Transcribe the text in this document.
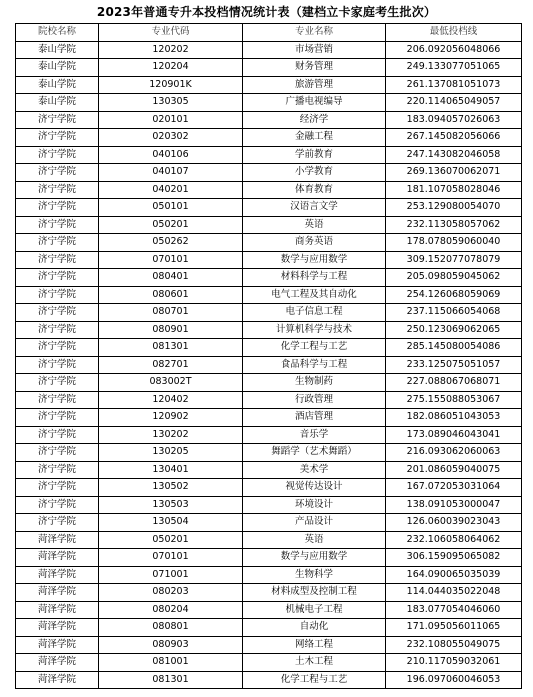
2023年普通专升本投档情况统计表（建档立卡家庭考生批次）
院校名称	专业代码	专业名称	最低投档线
泰山学院	120202	市场营销	206.092056048066
泰山学院	120204	财务管理	249.133077051065
泰山学院	120901K	旅游管理	261.137081051073
泰山学院	130305	广播电视编导	220.114065049057
济宁学院	020101	经济学	183.094057026063
济宁学院	020302	金融工程	267.145082056066
济宁学院	040106	学前教育	247.143082046058
济宁学院	040107	小学教育	269.136070062071
济宁学院	040201	体育教育	181.107058028046
济宁学院	050101	汉语言文学	253.129080054070
济宁学院	050201	英语	232.113058057062
济宁学院	050262	商务英语	178.078059060040
济宁学院	070101	数学与应用数学	309.152077078079
济宁学院	080401	材料科学与工程	205.098059045062
济宁学院	080601	电气工程及其自动化	254.126068059069
济宁学院	080701	电子信息工程	237.115066054068
济宁学院	080901	计算机科学与技术	250.123069062065
济宁学院	081301	化学工程与工艺	285.145080054086
济宁学院	082701	食品科学与工程	233.125075051057
济宁学院	083002T	生物制药	227.088067068071
济宁学院	120402	行政管理	275.155088053067
济宁学院	120902	酒店管理	182.086051043053
济宁学院	130202	音乐学	173.089046043041
济宁学院	130205	舞蹈学（艺术舞蹈）	216.093062060063
济宁学院	130401	美术学	201.086059040075
济宁学院	130502	视觉传达设计	167.072053031064
济宁学院	130503	环境设计	138.091053000047
济宁学院	130504	产品设计	126.060039023043
菏泽学院	050201	英语	232.106058064062
菏泽学院	070101	数学与应用数学	306.159095065082
菏泽学院	071001	生物科学	164.090065035039
菏泽学院	080203	材料成型及控制工程	114.044035022048
菏泽学院	080204	机械电子工程	183.077054046060
菏泽学院	080801	自动化	171.095056011065
菏泽学院	080903	网络工程	232.108055049075
菏泽学院	081001	土木工程	210.117059032061
菏泽学院	081301	化学工程与工艺	196.097060046053
